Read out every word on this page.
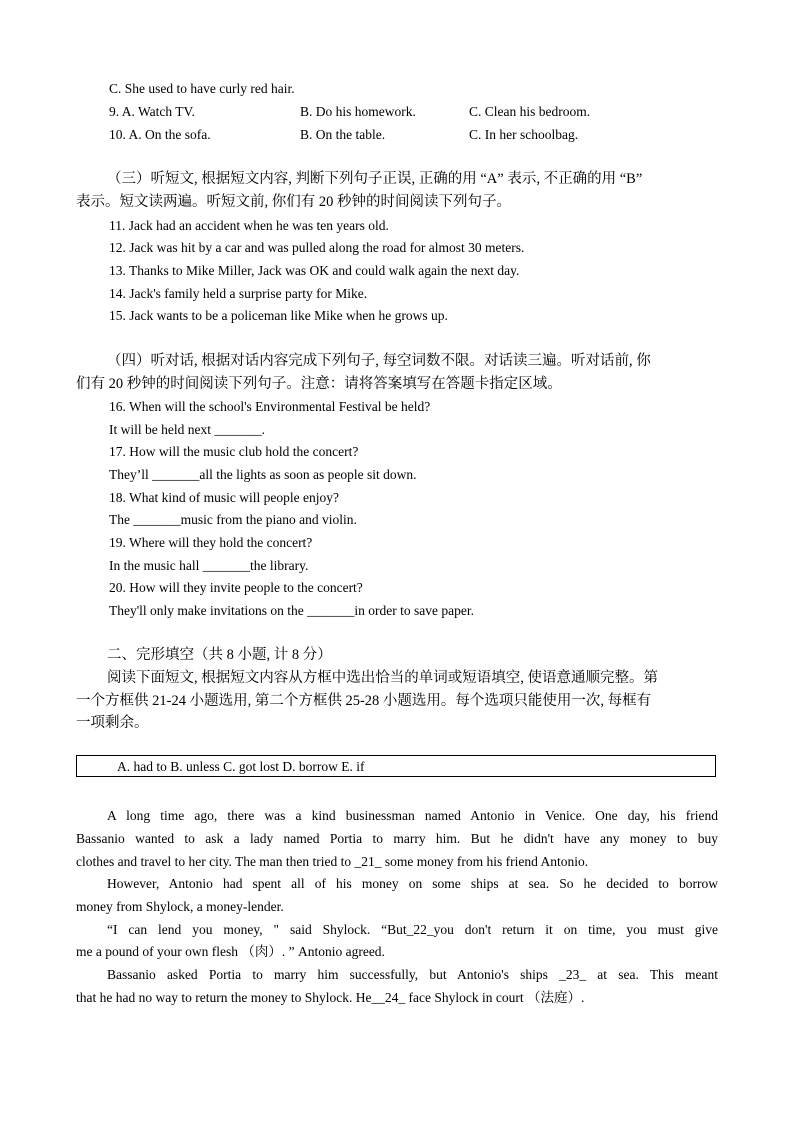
C. She used to have curly red hair.
9. A. Watch TV.	B. Do his homework.	C. Clean his bedroom.
10. A. On the sofa.	B. On the table.	C. In her schoolbag.
（三）听短文, 根据短文内容, 判断下列句子正误, 正确的用 “A” 表示, 不正确的用 “B”
表示。短文读两遍。听短文前, 你们有 20 秒钟的时间阅读下列句子。
11. Jack had an accident when he was ten years old.
12. Jack was hit by a car and was pulled along the road for almost 30 meters.
13. Thanks to Mike Miller, Jack was OK and could walk again the next day.
14. Jack's family held a surprise party for Mike.
15. Jack wants to be a policeman like Mike when he grows up.
（四）听对话, 根据对话内容完成下列句子, 每空词数不限。对话读三遍。听对话前, 你
们有 20 秒钟的时间阅读下列句子。注意：请将答案填写在答题卡指定区域。
16. When will the school's Environmental Festival be held?
It will be held next _______.
17. How will the music club hold the concert?
They’ll _______all the lights as soon as people sit down.
18. What kind of music will people enjoy?
The _______music from the piano and violin.
19. Where will they hold the concert?
In the music hall _______the library.
20. How will they invite people to the concert?
They'll only make invitations on the _______in order to save paper.
二、完形填空（共 8 小题, 计 8 分）
阅读下面短文, 根据短文内容从方框中选出恰当的单词或短语填空, 使语意通顺完整。第
一个方框供 21-24 小题选用, 第二个方框供 25-28 小题选用。每个选项只能使用一次, 每框有
一项剩余。
A. had to B. unless C. got lost D. borrow E. if
A long time ago, there was a kind businessman named Antonio in Venice. One day, his friend
Bassanio wanted to ask a lady named Portia to marry him. But he didn't have any money to buy
clothes and travel to her city. The man then tried to _21_ some money from his friend Antonio.
However, Antonio had spent all of his money on some ships at sea. So he decided to borrow
money from Shylock, a money-lender.
“I can lend you money, " said Shylock. “But_22_you don't return it on time, you must give
me a pound of your own flesh （肉）. ” Antonio agreed.
Bassanio asked Portia to marry him successfully, but Antonio's ships _23_ at sea. This meant
that he had no way to return the money to Shylock. He__24_ face Shylock in court （法庭）.
